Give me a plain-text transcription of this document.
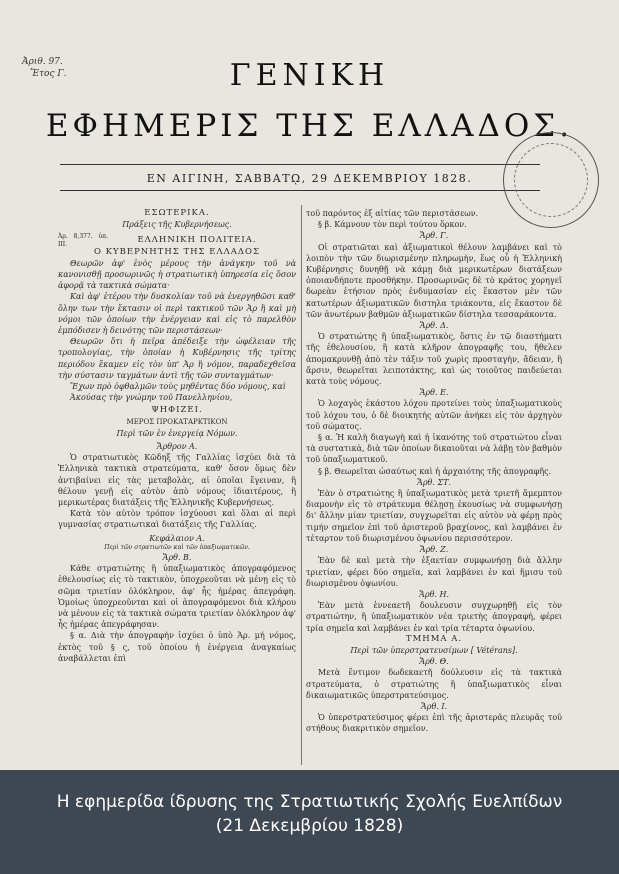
Ἀριθ. 97.
Ἔτος Γ.	ΓΕΝΙΚΗ
ΕΦΗΜΕΡΙΣ ΤΗΣ ΕΛΛΑΔΟΣ.
ΕΝ ΑΙΓΙΝΗ, ΣΑΒΒΑΤῼ, 29 ΔΕΚΕΜΒΡΙΟΥ 1828.
ΕΣΩΤΕΡΙΚΑ.
Πράξεις τῆς Κυβερνήσεως.
Ἀρ. 8,377. ὑπ. ΙΙΙ.	ΕΛΛΗΝΙΚΗ ΠΟΛΙΤΕΙΑ.
Ο ΚΥΒΕΡΝΗΤΗΣ ΤΗΣ ΕΛΛΑΔΟΣ
Θεωρῶν ἀφ' ἑνὸς μέρους τὴν ἀνάγκην τοῦ νὰ κανονισθῇ προσωρινῶς ἡ στρατιωτικὴ ὑπηρεσία εἰς ὅσον ἀφορᾷ τὰ τακτικὰ σώματα·
Καὶ ἀφ' ἑτέρου τὴν δυσκολίαν τοῦ νὰ ἐνεργηθῶσι καθ' ὅλην των τὴν ἔκτασιν οἱ περὶ τακτικοῦ τῶν Ἀρ ἢ καὶ μὴ νόμοι τῶν ὁποίων τὴν ἐνέργειαν καὶ εἰς τὸ παρελθὸν ἐμπόδισεν ἡ δεινότης τῶν περιστάσεων·
Θεωρῶν ὅτι ἡ πεῖρα ἀπέδειξε τὴν ὠφέλειαν τῆς τροπολογίας, τὴν ὁποίαν ἡ Κυβέρνησις τῆς τρίτης περιόδου ἔκαμεν εἰς τὸν ὑπ' Ἀρ ἢ νόμον, παραδεχθεῖσα τὴν σύστασιν ταγμάτων ἀντὶ τῆς τῶν συνταγμάτων·
Ἔχων πρὸ ὀφθαλμῶν τοὺς μηθέντας δύο νόμους, καὶ
Ἀκούσας τὴν γνώμην τοῦ Πανελληνίου,
ΨΗΦΙΖΕΙ.
ΜΕΡΟΣ ΠΡΟΚΑΤΑΡΚΤΙΚΟΝ
Περὶ τῶν ἐν ἐνεργείᾳ Νόμων.
Ἄρθρον Α.
Ὁ στρατιωτικὸς Κῶδηξ τῆς Γαλλίας ἰσχύει διὰ τὰ Ἑλληνικὰ τακτικὰ στρατεύματα, καθ' ὅσον ὅμως δὲν ἀντιβαίνει εἰς τὰς μεταβολὰς, αἱ ὁποῖαι ἔγειναν, ἢ θέλουν γενῇ εἰς αὐτὸν ἀπὸ νόμους ἰδιαιτέρους, ἢ μερικωτέρας διατάξεις τῆς Ἑλληνικῆς Κυβερνήσεως.
Κατὰ τὸν αὐτὸν τρόπον ἰσχύουσι καὶ ὅλαι αἱ περὶ γυμνασίας στρατιωτικαὶ διατάξεις τῆς Γαλλίας.
Κεφάλαιον Α.
Περὶ τῶν στρατιωτῶν καὶ τῶν ὑπαξιωματικῶν.
Ἄρθ. Β.
Κάθε στρατιώτης ἢ ὑπαξιωματικὸς ἀπογραφόμενος ἐθελουσίως εἰς τὸ τακτικὸν, ὑποχρεοῦται νὰ μένῃ εἰς τὸ σῶμα τριετίαν ὁλόκληρον, ἀφ' ἧς ἡμέρας ἀπεγράφη. Ὁμοίως ὑποχρεοῦνται καὶ οἱ ἀπογραφόμενοι διὰ κλήρου νὰ μένουν εἰς τὰ τακτικὰ σώματα τριετίαν ὁλόκληρον ἀφ' ἧς ἡμέρας ἀπεγράφησαν.
§ α. Διὰ τὴν ἀπογραφὴν ἰσχύει ὁ ὑπὸ Ἀρ. μή νόμος, ἐκτὸς τοῦ § ς, τοῦ ὁποίου ἡ ἐνέργεια ἀναγκαίως ἀναβάλλεται ἐπὶ
τοῦ παρόντος ἐξ αἰτίας τῶν περιστάσεων.
§ β. Κάμνουν τὸν περὶ τούτου ὅρκον.
Ἄρθ. Γ.
Οἱ στρατιῶται καὶ ἀξιωματικοὶ θέλουν λαμβάνει καὶ τὸ λοιπὸν τὴν τῶν διωρισμένην πληρωμὴν, ἕως οὗ ἡ Ἑλληνικὴ Κυβέρνησις δυνηθῇ νὰ κάμῃ διὰ μερικωτέρων διατάξεων ὁποιανδήποτε προσθήκην. Προσωρινῶς δὲ τὸ κράτος χορηγεῖ δωρεὰν ἑτήσιον πρὸς ἐνδυμασίαν εἰς ἕκαστον μὲν τῶν κατωτέρων ἀξιωματικῶν διστηλα τριάκοντα, εἰς ἕκαστον δὲ τῶν ἀνωτέρων βαθμῶν ἀξιωματικῶν δίστηλα τεσσαράκοντα.
Ἄρθ. Δ.
Ὁ στρατιώτης ἢ ὑπαξιωματικὸς, ὅστις ἐν τῷ διαστήματι τῆς ἐθελουσίου, ἢ κατὰ κλῆρον ἀπογραφῆς του, ἤθελεν ἀπομακρυνθῇ ἀπὸ τὲν τάξιν τοῦ χωρὶς προσταγὴν, ἄδειαν, ἢ ἄρσιν, θεωρεῖται λειποτάκτης, καὶ ὡς τοιοῦτος παιδεύεται κατὰ τοὺς νόμους.
Ἄρθ. Ε.
Ὁ λοχαγὸς ἑκάστου λόχου προτείνει τοὺς ὑπαξιωματικοὺς τοῦ λόχου του, ὁ δὲ διοικητὴς αὐτῶν ἀνήκει εἰς τὸν ἀρχηγὸν τοῦ σώματος.
§ α. Ἡ καλὴ διαγωγὴ καὶ ἡ ἱκανότης τοῦ στρατιώτου εἶναι τὰ συστατικὰ, διὰ τῶν ὁποίων δικαιοῦται νὰ λάβῃ τὸν βαθμὸν τοῦ ὑπαξιωματικοῦ.
§ β. Θεωρεῖται ὡσαύτως καὶ ἡ ἀρχαιότης τῆς ἀπογραφῆς.
Ἄρθ. ΣΤ.
Ἐὰν ὁ στρατιώτης ἢ ὑπαξιωματικὸς μετὰ τριετῆ ἄμεμπτον διαμονὴν εἰς τὸ στράτευμα θέλῃσῃ ἐκουσίως νὰ συμφωνήσῃ δι' ἄλλην μίαν τριετίαν, συγχωρεῖται εἰς αὐτὸν νὰ φέρῃ πρὸς τιμήν σημεῖον ἐπὶ τοῦ ἀριστεροῦ βραχίονος, καὶ λαμβάνει ἐν τέταρτον τοῦ διωρισμένου ὀψωνίου περισσότερον.
Ἄρθ. Ζ.
Ἐὰν δὲ καὶ μετὰ τὴν ἑξαετίαν συμφωνήσῃ διὰ ἄλλην τριετίαν, φέρει δύο σημεῖα, καὶ λαμβάνει ἐν καὶ ἥμισυ τοῦ διωρισμένου ὀψωνίου.
Ἄρθ. Η.
Ἐὰν μετὰ ἐννεαετῆ δουλευσιν συγχωρηθῇ εἰς τὸν στρατιώτην, ἢ ὑπαξιωματικὸν νέα τριετὴς ἀπογραφή, φέρει τρία σημεῖα καὶ λαμβάνει ἐν καὶ τρία τέταρτα ὀψωνίου.
ΤΜΗΜΑ Α.
Περὶ τῶν ὑπερστρατευσίμων [ Vétérans].
Ἄρθ. Θ.
Μετὰ ἔντιμον δωδεκαετῆ δούλευσιν εἰς τὰ τακτικὰ στρατεύματα, ὁ στρατιώτης ἢ ὑπαξιωματικὸς εἶναι δικαιωματικῶς ὑπερστρατεύσιμος.
Ἄρθ. Ι.
Ὁ ὑπερστρατεύσιμος φέρει ἐπὶ τῆς ἀριστερᾶς πλευρᾶς τοῦ στήθους διακριτικὸν σημεῖον.
Η εφημερίδα ίδρυσης της Στρατιωτικής Σχολής Ευελπίδων
(21 Δεκεμβρίου 1828)
